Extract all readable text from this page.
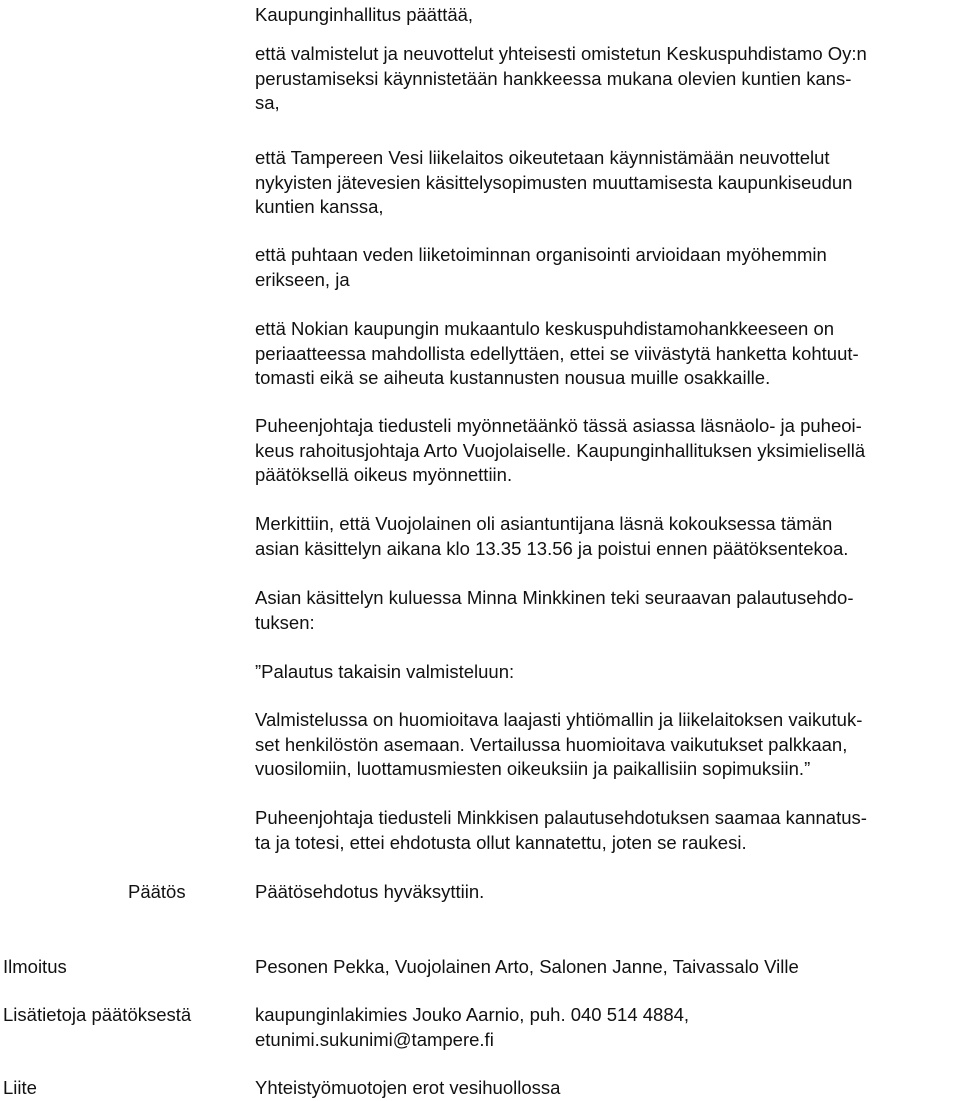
Kaupunginhallitus päättää,

että valmistelut ja neuvottelut yhteisesti omistetun Keskuspuhdistamo Oy:n
perustamiseksi käynnistetään hankkeessa mukana olevien kuntien kans-
sa,
että Tampereen Vesi liikelaitos oikeutetaan käynnistämään neuvottelut
nykyisten jätevesien käsittelysopimusten muuttamisesta kaupunkiseudun
kuntien kanssa,
että puhtaan veden liiketoiminnan organisointi arvioidaan myöhemmin
erikseen, ja
että Nokian kaupungin mukaantulo keskuspuhdistamohankkeeseen on
periaatteessa mahdollista edellyttäen, ettei se viivästytä hanketta kohtuut-
tomasti eikä se aiheuta kustannusten nousua muille osakkaille.
Puheenjohtaja tiedusteli myönnetäänkö tässä asiassa läsnäolo- ja puheoi-
keus rahoitusjohtaja Arto Vuojolaiselle. Kaupunginhallituksen yksimielisellä
päätöksellä oikeus myönnettiin.
Merkittiin, että Vuojolainen oli asiantuntijana läsnä kokouksessa tämän
asian käsittelyn aikana klo 13.35 13.56 ja poistui ennen päätöksentekoa.
Asian käsittelyn kuluessa Minna Minkkinen teki seuraavan palautusehdo-
tuksen:
”Palautus takaisin valmisteluun:
Valmistelussa on huomioitava laajasti yhtiömallin ja liikelaitoksen vaikutuk-
set henkilöstön asemaan. Vertailussa huomioitava vaikutukset palkkaan,
vuosilomiin, luottamusmiesten oikeuksiin ja paikallisiin sopimuksiin.”
Puheenjohtaja tiedusteli Minkkisen palautusehdotuksen saamaa kannatus-
ta ja totesi, ettei ehdotusta ollut kannatettu, joten se raukesi.

Päätös	Päätösehdotus hyväksyttiin.

Ilmoitus	Pesonen Pekka, Vuojolainen Arto, Salonen Janne, Taivassalo Ville

Lisätietoja päätöksestä	kaupunginlakimies Jouko Aarnio, puh. 040 514 4884,
etunimi.sukunimi@tampere.fi

Liite	Yhteistyömuotojen erot vesihuollossa
